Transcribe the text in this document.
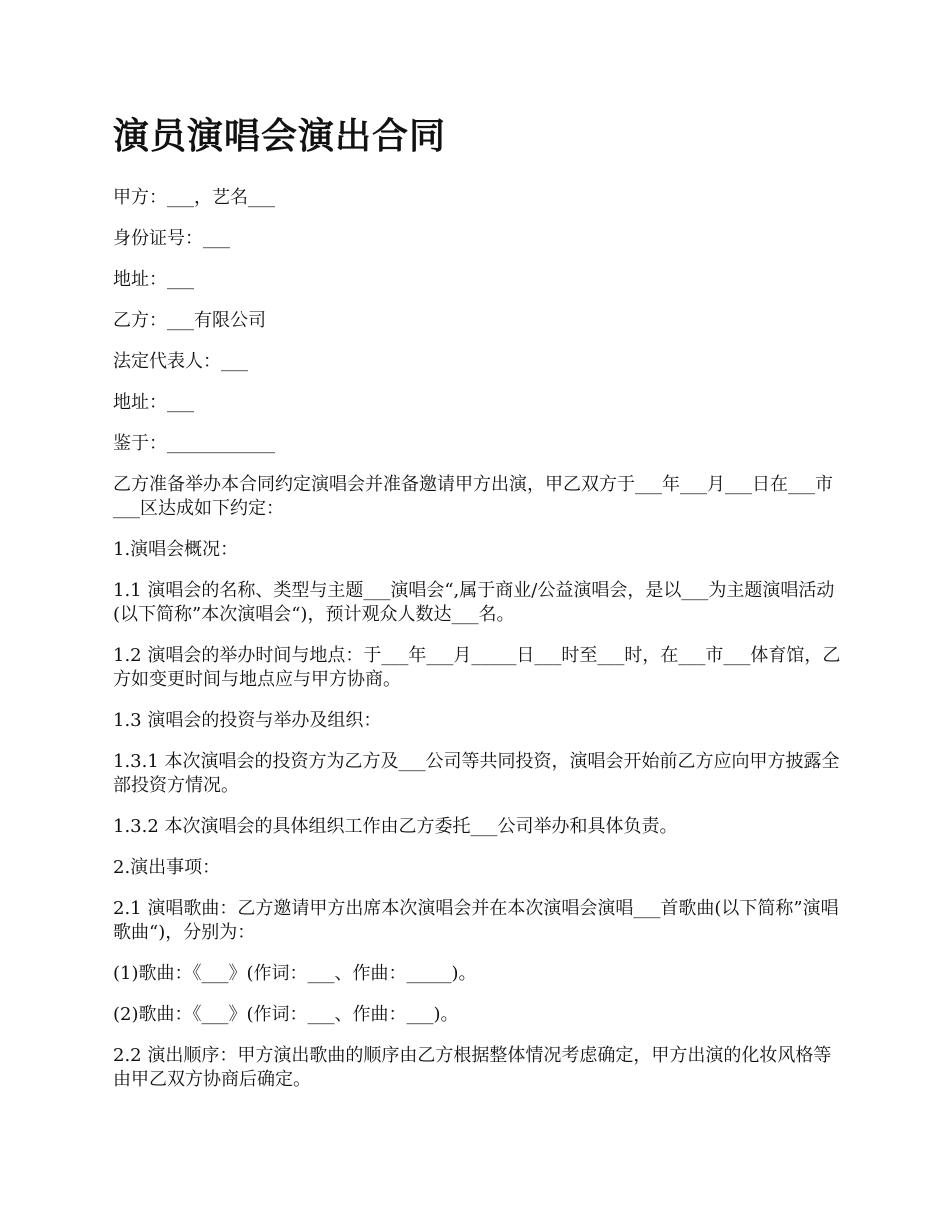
演员演唱会演出合同

甲方：___，艺名___

身份证号：___

地址：___

乙方：___有限公司

法定代表人：___

地址：___

鉴于：____________

乙方准备举办本合同约定演唱会并准备邀请甲方出演，甲乙双方于___年___月___日在___市___区达成如下约定：

1.演唱会概况：

1.1 演唱会的名称、类型与主题___演唱会“,属于商业/公益演唱会，是以___为主题演唱活动(以下简称”本次演唱会“)，预计观众人数达___名。

1.2 演唱会的举办时间与地点：于___年___月_____日___时至___时，在___市___体育馆，乙方如变更时间与地点应与甲方协商。

1.3 演唱会的投资与举办及组织：

1.3.1 本次演唱会的投资方为乙方及___公司等共同投资，演唱会开始前乙方应向甲方披露全部投资方情况。

1.3.2 本次演唱会的具体组织工作由乙方委托___公司举办和具体负责。

2.演出事项：

2.1 演唱歌曲：乙方邀请甲方出席本次演唱会并在本次演唱会演唱___首歌曲(以下简称”演唱歌曲“)，分别为：

(1)歌曲：《___》(作词：___、作曲：_____)。

(2)歌曲：《___》(作词：___、作曲：___)。

2.2 演出顺序：甲方演出歌曲的顺序由乙方根据整体情况考虑确定，甲方出演的化妆风格等由甲乙双方协商后确定。
